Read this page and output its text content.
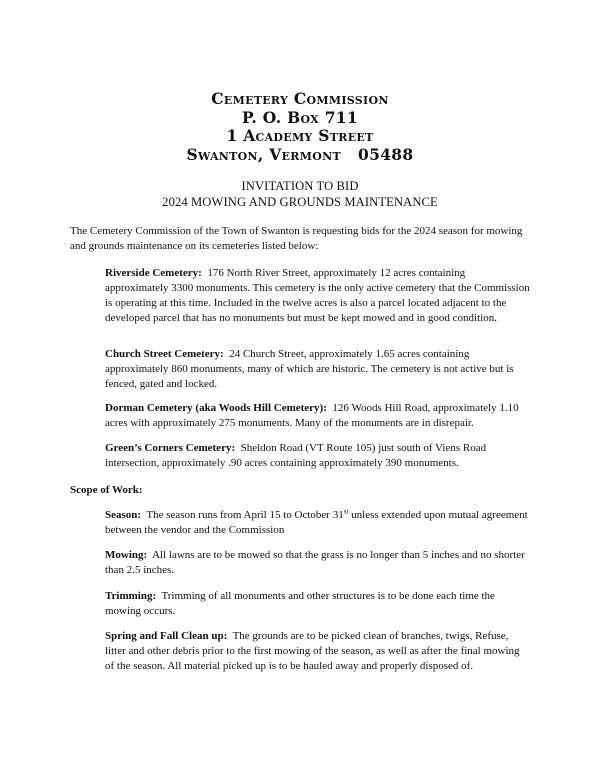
Cemetery Commission
P. O. Box 711
1 Academy Street
Swanton, Vermont   05488
INVITATION TO BID
2024 MOWING AND GROUNDS MAINTENANCE

The Cemetery Commission of the Town of Swanton is requesting bids for the 2024 season for mowing and grounds maintenance on its cemeteries listed below:

Riverside Cemetery: 176 North River Street, approximately 12 acres containing approximately 3300 monuments. This cemetery is the only active cemetery that the Commission is operating at this time. Included in the twelve acres is also a parcel located adjacent to the developed parcel that has no monuments but must be kept mowed and in good condition.
Church Street Cemetery: 24 Church Street, approximately 1.65 acres containing approximately 860 monuments, many of which are historic. The cemetery is not active but is fenced, gated and locked.
Dorman Cemetery (aka Woods Hill Cemetery): 126 Woods Hill Road, approximately 1.10 acres with approximately 275 monuments. Many of the monuments are in disrepair.
Green’s Corners Cemetery: Sheldon Road (VT Route 105) just south of Viens Road intersection, approximately .90 acres containing approximately 390 monuments.
Scope of Work:
Season: The season runs from April 15 to October 31st unless extended upon mutual agreement between the vendor and the Commission
Mowing: All lawns are to be mowed so that the grass is no longer than 5 inches and no shorter than 2.5 inches.
Trimming: Trimming of all monuments and other structures is to be done each time the mowing occurs.
Spring and Fall Clean up: The grounds are to be picked clean of branches, twigs, Refuse, litter and other debris prior to the first mowing of the season, as well as after the final mowing of the season. All material picked up is to be hauled away and properly disposed of.
